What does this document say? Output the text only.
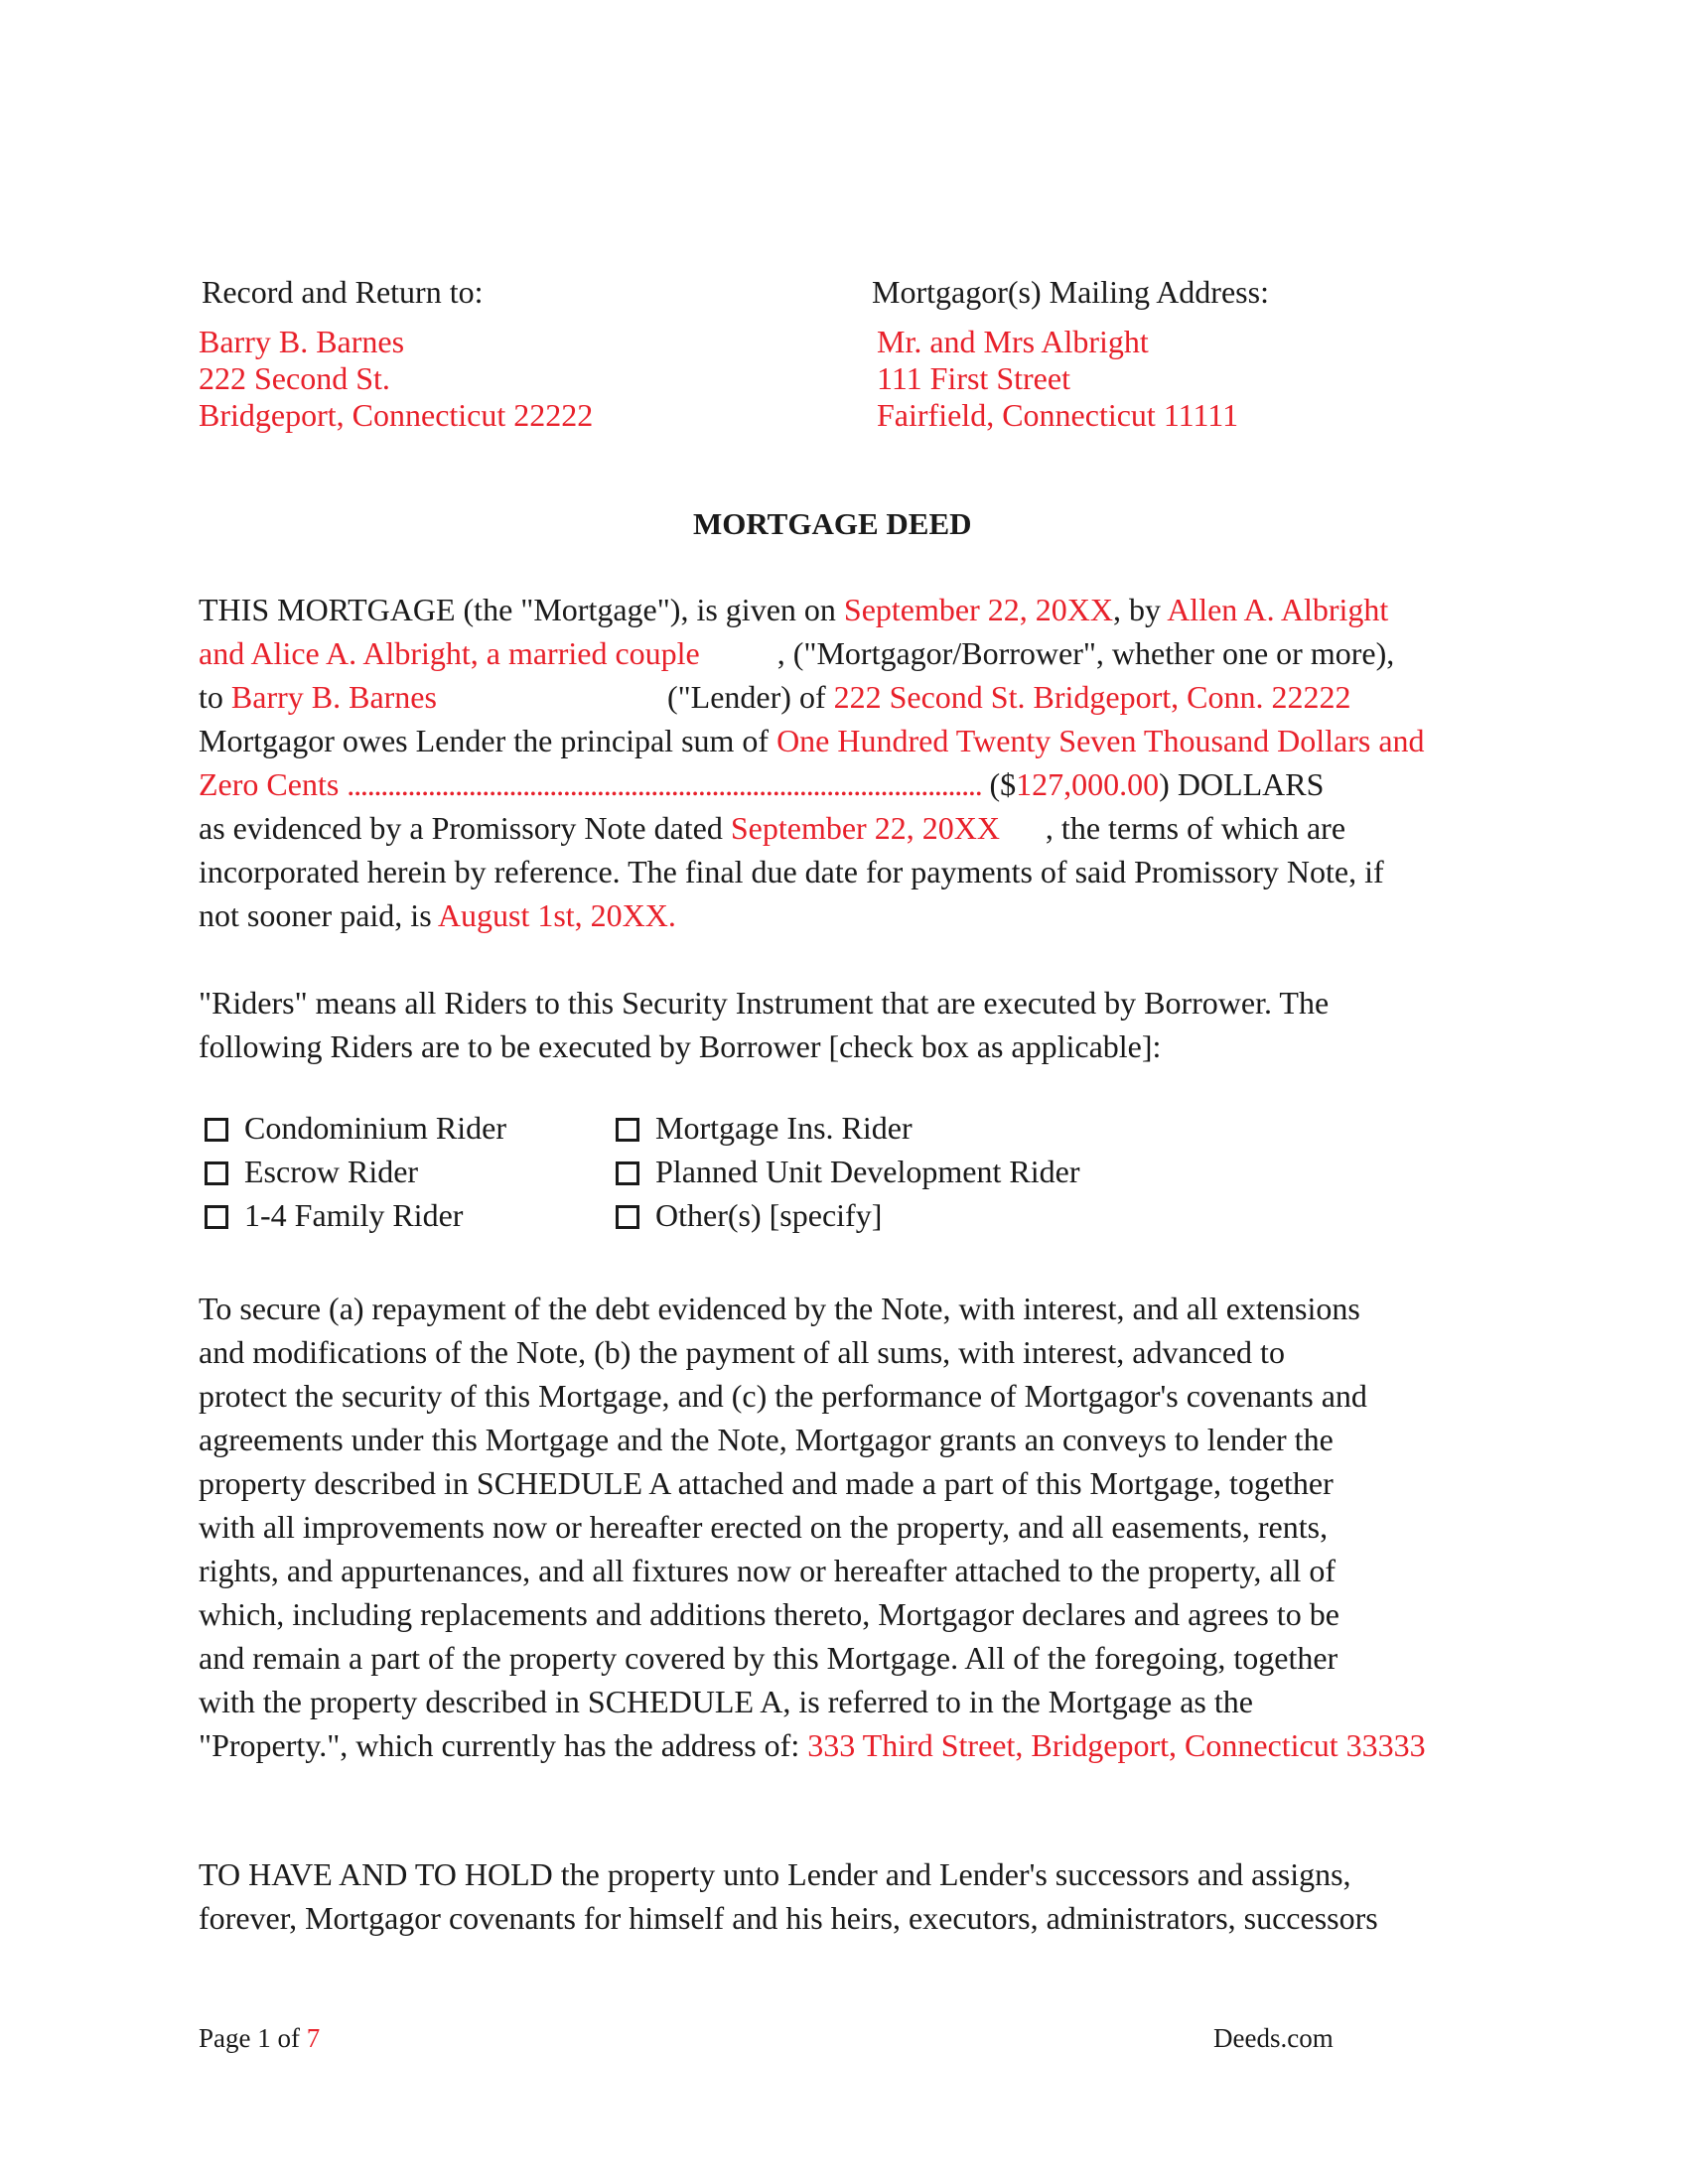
Record and Return to:
Barry B. Barnes
222 Second St.
Bridgeport, Connecticut 22222
Mortgagor(s) Mailing Address:
Mr. and Mrs Albright
111 First Street
Fairfield, Connecticut 11111
MORTGAGE DEED
THIS MORTGAGE (the "Mortgage"), is given on September 22, 20XX, by Allen A. Albright
and Alice A. Albright, a married couple , ("Mortgagor/Borrower", whether one or more),
to Barry B. Barnes	("Lender) of 222 Second St. Bridgeport, Conn. 22222
Mortgagor owes Lender the principal sum of One Hundred Twenty Seven Thousand Dollars and
Zero Cents .............................................................................................. ($127,000.00) DOLLARS
as evidenced by a Promissory Note dated September 22, 20XX , the terms of which are
incorporated herein by reference. The final due date for payments of said Promissory Note, if
not sooner paid, is August 1st, 20XX.
"Riders" means all Riders to this Security Instrument that are executed by Borrower. The
following Riders are to be executed by Borrower [check box as applicable]:
Condominium Rider
Escrow Rider
1-4 Family Rider
Mortgage Ins. Rider
Planned Unit Development Rider
Other(s) [specify]
To secure (a) repayment of the debt evidenced by the Note, with interest, and all extensions
and modifications of the Note, (b) the payment of all sums, with interest, advanced to
protect the security of this Mortgage, and (c) the performance of Mortgagor's covenants and
agreements under this Mortgage and the Note, Mortgagor grants an conveys to lender the
property described in SCHEDULE A attached and made a part of this Mortgage, together
with all improvements now or hereafter erected on the property, and all easements, rents,
rights, and appurtenances, and all fixtures now or hereafter attached to the property, all of
which, including replacements and additions thereto, Mortgagor declares and agrees to be
and remain a part of the property covered by this Mortgage. All of the foregoing, together
with the property described in SCHEDULE A, is referred to in the Mortgage as the
"Property.", which currently has the address of: 333 Third Street, Bridgeport, Connecticut 33333
TO HAVE AND TO HOLD the property unto Lender and Lender's successors and assigns,
forever, Mortgagor covenants for himself and his heirs, executors, administrators, successors
Page 1 of 7	Deeds.com
